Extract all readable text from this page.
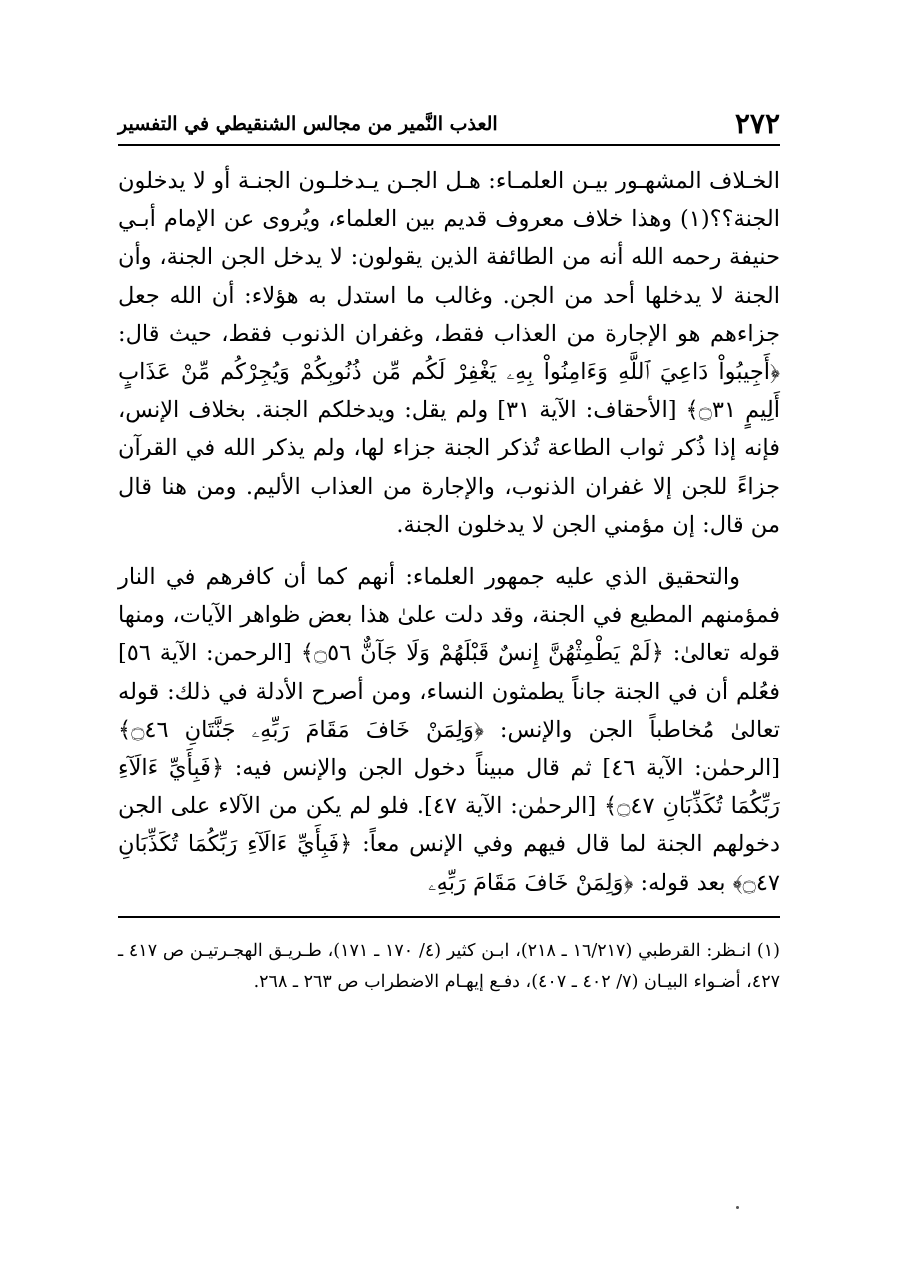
٢٧٢
العذب النَّمير من مجالس الشنقيطي في التفسير

الخـلاف المشهـور بيـن العلمـاء: هـل الجـن يـدخلـون الجنـة أو لا يدخلون الجنة؟؟(١) وهذا خلاف معروف قديم بين العلماء، ويُروى عن الإمام أبـي حنيفة رحمه الله أنه من الطائفة الذين يقولون: لا يدخل الجن الجنة، وأن الجنة لا يدخلها أحد من الجن. وغالب ما استدل به هؤلاء: أن الله جعل جزاءهم هو الإجارة من العذاب فقط، وغفران الذنوب فقط، حيث قال: ﴿أَجِيبُواْ دَاعِيَ ٱللَّهِ وَءَامِنُواْ بِهِۦ يَغْفِرْ لَكُم مِّن ذُنُوبِكُمْ وَيُجِرْكُم مِّنْ عَذَابٍ أَلِيمٍ ۝٣١﴾ [الأحقاف: الآية ٣١] ولم يقل: ويدخلكم الجنة. بخلاف الإنس، فإنه إذا ذُكر ثواب الطاعة تُذكر الجنة جزاء لها، ولم يذكر الله في القرآن جزاءً للجن إلا غفران الذنوب، والإجارة من العذاب الأليم. ومن هنا قال من قال: إن مؤمني الجن لا يدخلون الجنة.

والتحقيق الذي عليه جمهور العلماء: أنهم كما أن كافرهم في النار فمؤمنهم المطيع في الجنة، وقد دلت علىٰ هذا بعض ظواهر الآيات، ومنها قوله تعالىٰ: ﴿لَمْ يَطْمِثْهُنَّ إِنسٌ قَبْلَهُمْ وَلَا جَآنٌّ ۝٥٦﴾ [الرحمن: الآية ٥٦] فعُلم أن في الجنة جاناً يطمثون النساء، ومن أصرح الأدلة في ذلك: قوله تعالىٰ مُخاطباً الجن والإنس: ﴿وَلِمَنْ خَافَ مَقَامَ رَبِّهِۦ جَنَّتَانِ ۝٤٦﴾ [الرحمٰن: الآية ٤٦] ثم قال مبيناً دخول الجن والإنس فيه: ﴿فَبِأَيِّ ءَالَآءِ رَبِّكُمَا تُكَذِّبَانِ ۝٤٧﴾ [الرحمٰن: الآية ٤٧]. فلو لم يكن من الآلاء على الجن دخولهم الجنة لما قال فيهم وفي الإنس معاً: ﴿فَبِأَيِّ ءَالَآءِ رَبِّكُمَا تُكَذِّبَانِ ۝٤٧﴾ بعد قوله: ﴿وَلِمَنْ خَافَ مَقَامَ رَبِّهِۦ

(١) انـظر: القرطبي (١٦/٢١٧ ـ ٢١٨)، ابـن كثير (٤/ ١٧٠ ـ ١٧١)، طـريـق الهجـرتيـن ص ٤١٧ ـ ٤٢٧، أضـواء البيـان (٧/ ٤٠٢ ـ ٤٠٧)، دفـع إيهـام الاضطراب ص ٢٦٣ ـ ٢٦٨.
